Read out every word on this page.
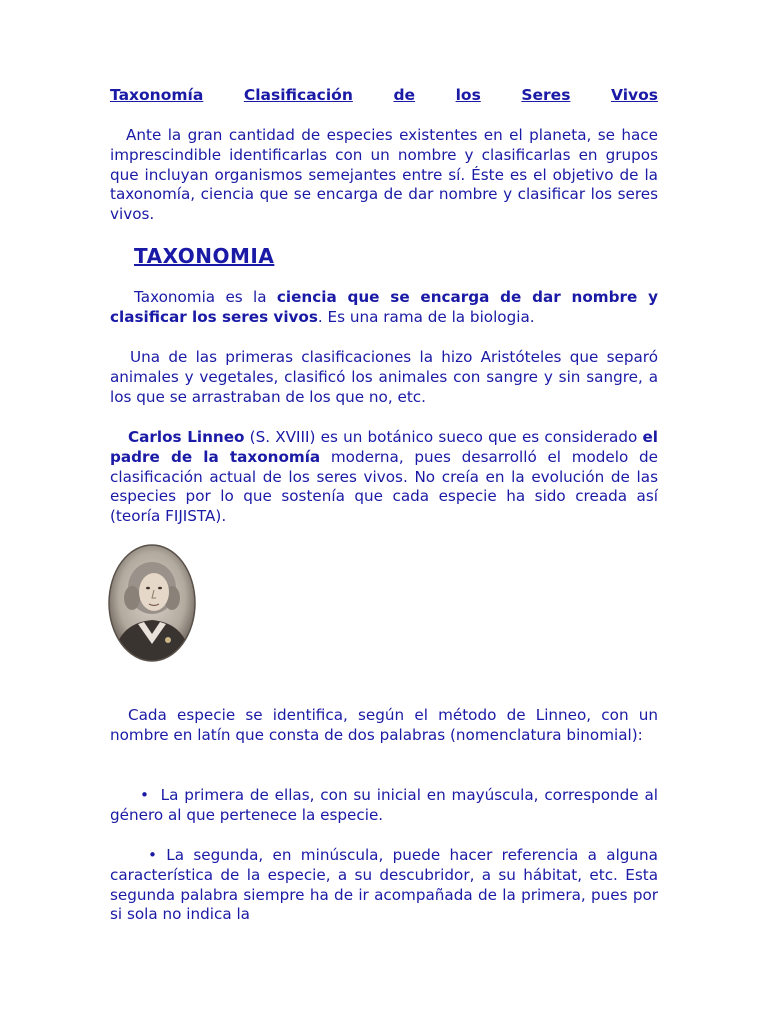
Taxonomía	Clasificación	de	los	Seres	Vivos

Ante la gran cantidad de especies existentes en el planeta, se hace imprescindible identificarlas con un nombre y clasificarlas en grupos que incluyan organismos semejantes entre sí. Éste es el objetivo de la taxonomía, ciencia que se encarga de dar nombre y clasificar los seres vivos.

TAXONOMIA

Taxonomia es la ciencia que se encarga de dar nombre y clasificar los seres vivos. Es una rama de la biologia.

Una de las primeras clasificaciones la hizo Aristóteles que separó animales y vegetales, clasificó los animales con sangre y sin sangre, a los que se arrastraban de los que no, etc.

Carlos Linneo (S. XVIII) es un botánico sueco que es considerado el padre de la taxonomía moderna, pues desarrolló el modelo de clasificación actual de los seres vivos. No creía en la evolución de las especies por lo que sostenía que cada especie ha sido creada así (teoría FIJISTA).

Cada especie se identifica, según el método de Linneo, con un nombre en latín que consta de dos palabras (nomenclatura binomial):

• La primera de ellas, con su inicial en mayúscula, corresponde al género al que pertenece la especie.

• La segunda, en minúscula, puede hacer referencia a alguna característica de la especie, a su descubridor, a su hábitat, etc. Esta segunda palabra siempre ha de ir acompañada de la primera, pues por si sola no indica la
